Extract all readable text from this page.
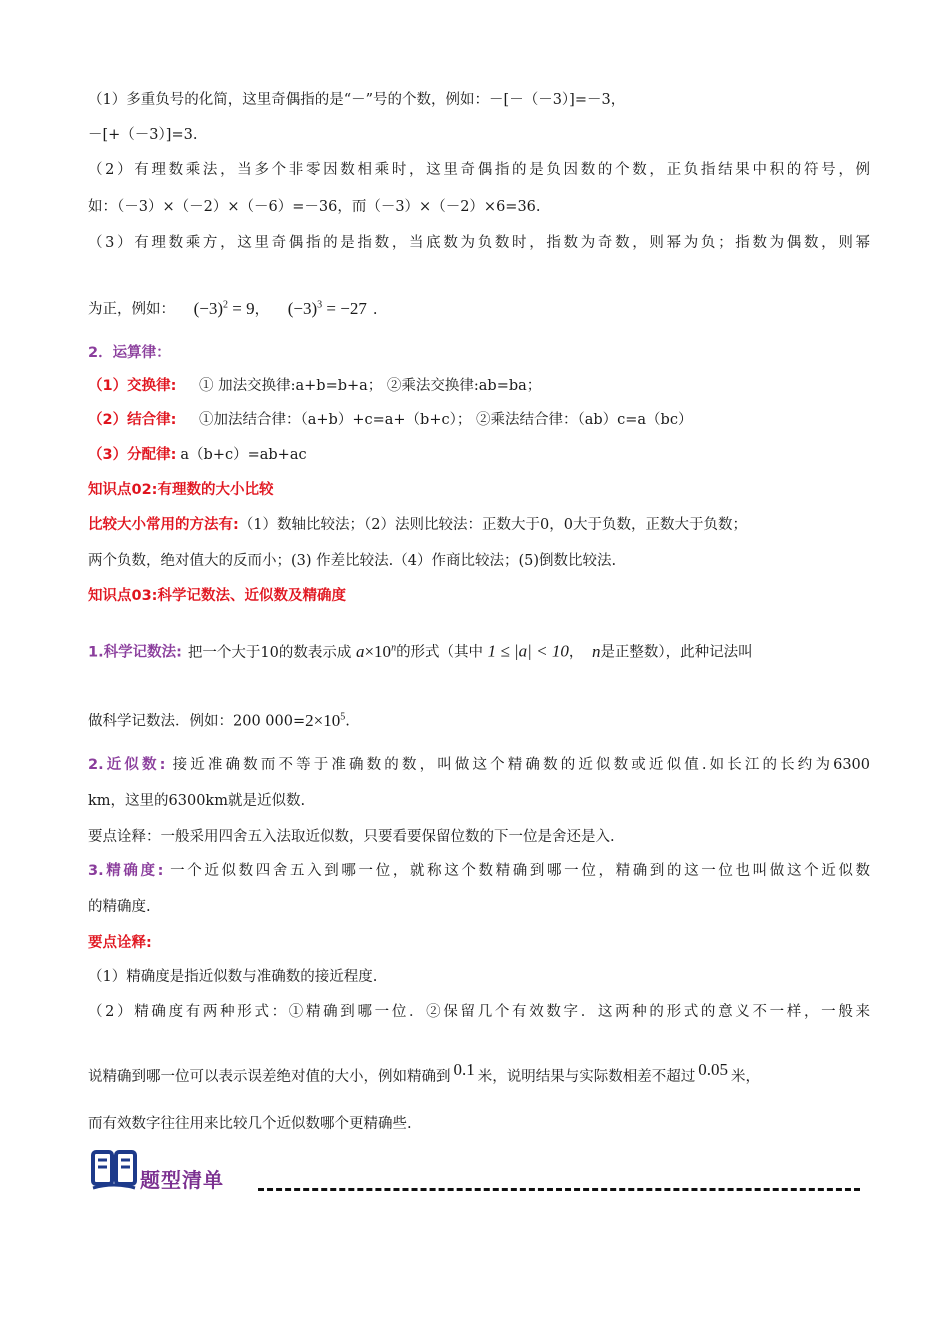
（1）多重负号的化简，这里奇偶指的是“－”号的个数，例如：－[－（－3）]=－3，
－[+（－3）]=3.
（2）有理数乘法，当多个非零因数相乘时，这里奇偶指的是负因数的个数，正负指结果中积的符号，例
如：（－3）×（－2）×（－6）=－36，而（－3）×（－2）×6=36.
（3）有理数乘方，这里奇偶指的是指数，当底数为负数时，指数为奇数，则幂为负；指数为偶数，则幂
为正，例如： $(-3)^2 = 9$， $(-3)^3 = -27$ .
2．运算律：
（1）交换律: ① 加法交换律:a+b=b+a； ②乘法交换律:ab=ba；
（2）结合律: ①加法结合律：（a+b）+c=a+（b+c）； ②乘法结合律：（ab）c=a（bc）
（3）分配律: a（b+c）=ab+ac
知识点02:有理数的大小比较
比较大小常用的方法有:（1）数轴比较法；（2）法则比较法：正数大于0，0大于负数，正数大于负数；
两个负数，绝对值大的反而小；(3) 作差比较法.（4）作商比较法；(5)倒数比较法.
知识点03:科学记数法、近似数及精确度
1.科学记数法: 把一个大于10的数表示成 $a\times 10^n$的形式（其中 1 ≤ |a| < 10， n是正整数），此种记法叫
做科学记数法．例如：200 $000=2\times 10^5$.
2.近似数: 接近准确数而不等于准确数的数，叫做这个精确数的近似数或近似值.如长江的长约为6300
km，这里的6300km就是近似数.
要点诠释：一般采用四舍五入法取近似数，只要看要保留位数的下一位是舍还是入.
3.精确度: 一个近似数四舍五入到哪一位，就称这个数精确到哪一位，精确到的这一位也叫做这个近似数
的精确度.
要点诠释:
（1）精确度是指近似数与准确数的接近程度.
（2）精确度有两种形式：①精确到哪一位．②保留几个有效数字．这两种的形式的意义不一样，一般来
说精确到哪一位可以表示误差绝对值的大小，例如精确到 0.1 米，说明结果与实际数相差不超过 0.05 米，
而有效数字往往用来比较几个近似数哪个更精确些.
题型清单
